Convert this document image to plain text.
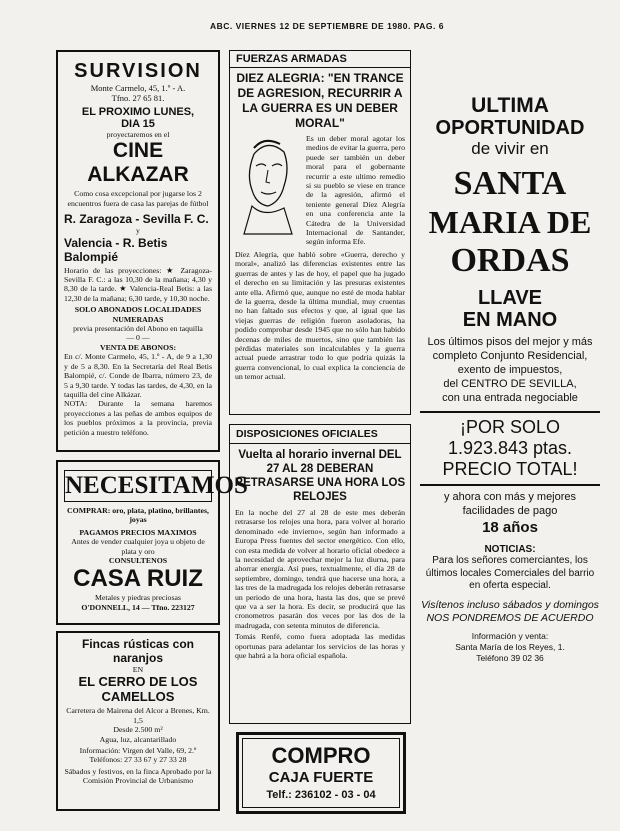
ABC. VIERNES 12 DE SEPTIEMBRE DE 1980. PAG. 6
SURVISION
Monte Carmelo, 45, 1.º - A.
Tfno. 27 65 81.
EL PROXIMO LUNES,
DIA 15
proyectaremos en el
CINE ALKAZAR
Como cosa excepcional por jugarse los 2 encuentros fuera de casa las parejas de fútbol
R. Zaragoza - Sevilla F. C.
y
Valencia - R. Betis Balompié
Horario de las proyecciones: ★ Zaragoza-Sevilla F. C.: a las 10,30 de la mañana; 4,30 y 8,30 de la tarde. ★ Valencia-Real Betis: a las 12,30 de la mañana; 6,30 tarde, y 10,30 noche.
SOLO ABONADOS LOCALIDADES NUMERADAS
previa presentación del Abono en taquilla
— 0 —
VENTA DE ABONOS:
En c/. Monte Carmelo, 45, 1.º - A, de 9 a 1,30 y de 5 a 8,30. En la Secretaría del Real Betis Balompié, c/. Conde de Ibarra, número 23, de 5 a 9,30 tarde. Y todas las tardes, de 4,30, en la taquilla del cine Alkázar.
NOTA: Durante la semana haremos proyecciones a las peñas de ambos equipos de los pueblos próximos a la provincia, previa petición a nuestro teléfono.
NECESITAMOS
COMPRAR: oro, plata, platino, brillantes, joyas
PAGAMOS PRECIOS MAXIMOS
Antes de vender cualquier joya u objeto de plata y oro
CONSULTENOS
CASA RUIZ
Metales y piedras preciosas
O'DONNELL, 14 — Tfno. 223127
Fincas rústicas con naranjos
EN
EL CERRO DE LOS CAMELLOS
Carretera de Mairena del Alcor a Brenes, Km. 1,5
Desde 2.500 m²
Agua, luz, alcantarillado
Información: Virgen del Valle, 69, 2.º Teléfonos: 27 33 67 y 27 33 28
Sábados y festivos, en la finca Aprobado por la Comisión Provincial de Urbanismo
FUERZAS ARMADAS
DIEZ ALEGRIA: "EN TRANCE DE AGRESION, RECURRIR A LA GUERRA ES UN DEBER MORAL"
Es un deber moral agotar los medios de evitar la guerra, pero puede ser también un deber moral para el gobernante recurrir a este ultimo remedio si su pueblo se viese en trance de la agresión, afirmó el teniente general Díez Alegría en una conferencia ante la Cátedra de la Universidad Internacional de Santander, según informa Efe.
Díez Alegría, que habló sobre «Guerra, derecho y moral», analizó las diferencias existentes entre las guerras de antes y las de hoy, el papel que ha jugado el derecho en su limitación y las presuras existentes ante ella. Afirmó que, aunque no esté de moda hablar de la guerra, desde la última mundial, muy cruentas no han faltado sus efectos y que, al igual que las viejas guerras de religión fueron asoladoras, ha podido comprobar desde 1945 que no sólo han habido decenas de miles de muertos, sino que también las pérdidas materiales son incalculables y la guerra actual puede arrastrar todo lo que podría quizás la guerra convencional, lo cual explica la conciencia de un temor actual.
DISPOSICIONES OFICIALES
Vuelta al horario invernal DEL 27 AL 28 DEBERAN RETRASARSE UNA HORA LOS RELOJES
En la noche del 27 al 28 de este mes deberán retrasarse los relojes una hora, para volver al horario denominado «de invierno», según han informado a Europa Press fuentes del sector energético. Con ello, con esta medida de volver al horario oficial obedece a la necesidad de aprovechar mejor la luz diurna, para ahorrar energía. Así pues, textualmente, el día 28 de septiembre, domingo, tendrá que hacerse una hora, a las tres de la madrugada los relojes deberán retrasarse un periodo de una hora, hasta las dos, que se prevé que va a ser la hora. Es decir, se producirá que las cronometros pasarán dos veces por las dos de la madrugada, con setenta minutos de diferencia.
Tomás Renfé, como fuera adoptada las medidas oportunas para adelantar los servicios de las horas y que habrá a la hora oficial española.
COMPRO
CAJA FUERTE
Telf.: 236102 - 03 - 04
ULTIMA
OPORTUNIDAD
de vivir en
SANTA
MARIA DE
ORDAS
LLAVE
EN MANO
Los últimos pisos del mejor y más completo Conjunto Residencial,
exento de impuestos,
del CENTRO DE SEVILLA,
con una entrada negociable
¡POR SOLO
1.923.843 ptas.
PRECIO TOTAL!
y ahora con más y mejores facilidades de pago
18 años
NOTICIAS:
Para los señores comerciantes, los últimos locales Comerciales del barrio en oferta especial.
Visítenos incluso sábados y domingos
NOS PONDREMOS DE ACUERDO
Información y venta:
Santa María de los Reyes, 1.
Teléfono 39 02 36
